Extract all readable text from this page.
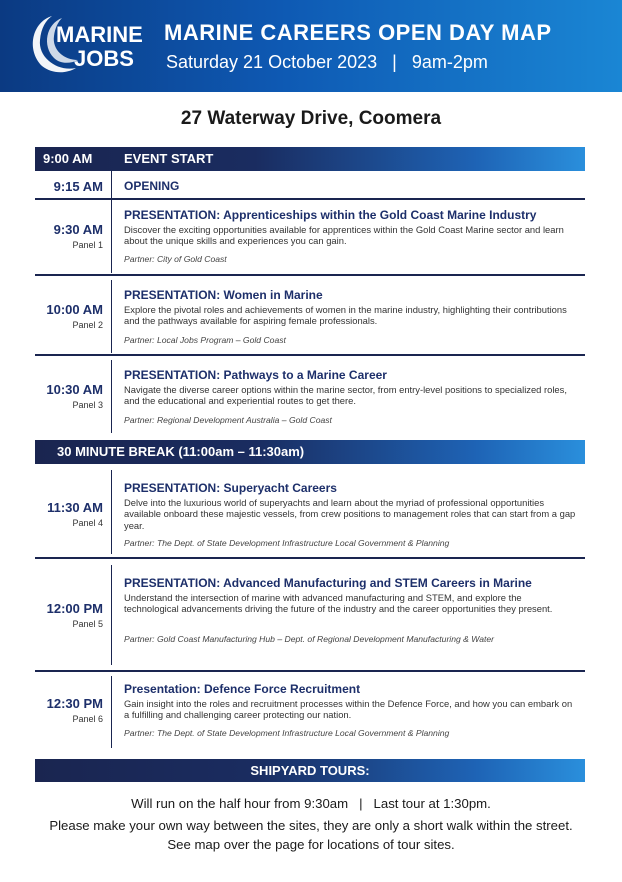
MARINE
JOBS
MARINE CAREERS OPEN DAY MAP
Saturday 21 October 2023   |   9am-2pm
27 Waterway Drive, Coomera
9:00 AM EVENT START
9:15 AM OPENING
9:30 AM
Panel 1
PRESENTATION: Apprenticeships within the Gold Coast Marine Industry
Discover the exciting opportunities available for apprentices within the Gold Coast Marine sector and learn about the unique skills and experiences you can gain.
Partner: City of Gold Coast
10:00 AM
Panel 2
PRESENTATION: Women in Marine
Explore the pivotal roles and achievements of women in the marine industry, highlighting their contributions and the pathways available for aspiring female professionals.
Partner: Local Jobs Program – Gold Coast
10:30 AM
Panel 3
PRESENTATION: Pathways to a Marine Career
Navigate the diverse career options within the marine sector, from entry-level positions to specialized roles, and the educational and experiential routes to get there.
Partner: Regional Development Australia – Gold Coast
30 MINUTE BREAK (11:00am – 11:30am)
11:30 AM
Panel 4
PRESENTATION: Superyacht Careers
Delve into the luxurious world of superyachts and learn about the myriad of professional opportunities available onboard these majestic vessels, from crew positions to management roles that can start from a gap year.
Partner: The Dept. of State Development Infrastructure Local Government & Planning
12:00 PM
Panel 5
PRESENTATION: Advanced Manufacturing and STEM Careers in Marine
Understand the intersection of marine with advanced manufacturing and STEM, and explore the technological advancements driving the future of the industry and the career opportunities they present.
Partner: Gold Coast Manufacturing Hub – Dept. of Regional Development Manufacturing & Water
12:30 PM
Panel 6
Presentation: Defence Force Recruitment
Gain insight into the roles and recruitment processes within the Defence Force, and how you can embark on a fulfilling and challenging career protecting our nation.
Partner: The Dept. of State Development Infrastructure Local Government & Planning
SHIPYARD TOURS:
Will run on the half hour from 9:30am   |   Last tour at 1:30pm.
Please make your own way between the sites, they are only a short walk within the street. See map over the page for locations of tour sites.
